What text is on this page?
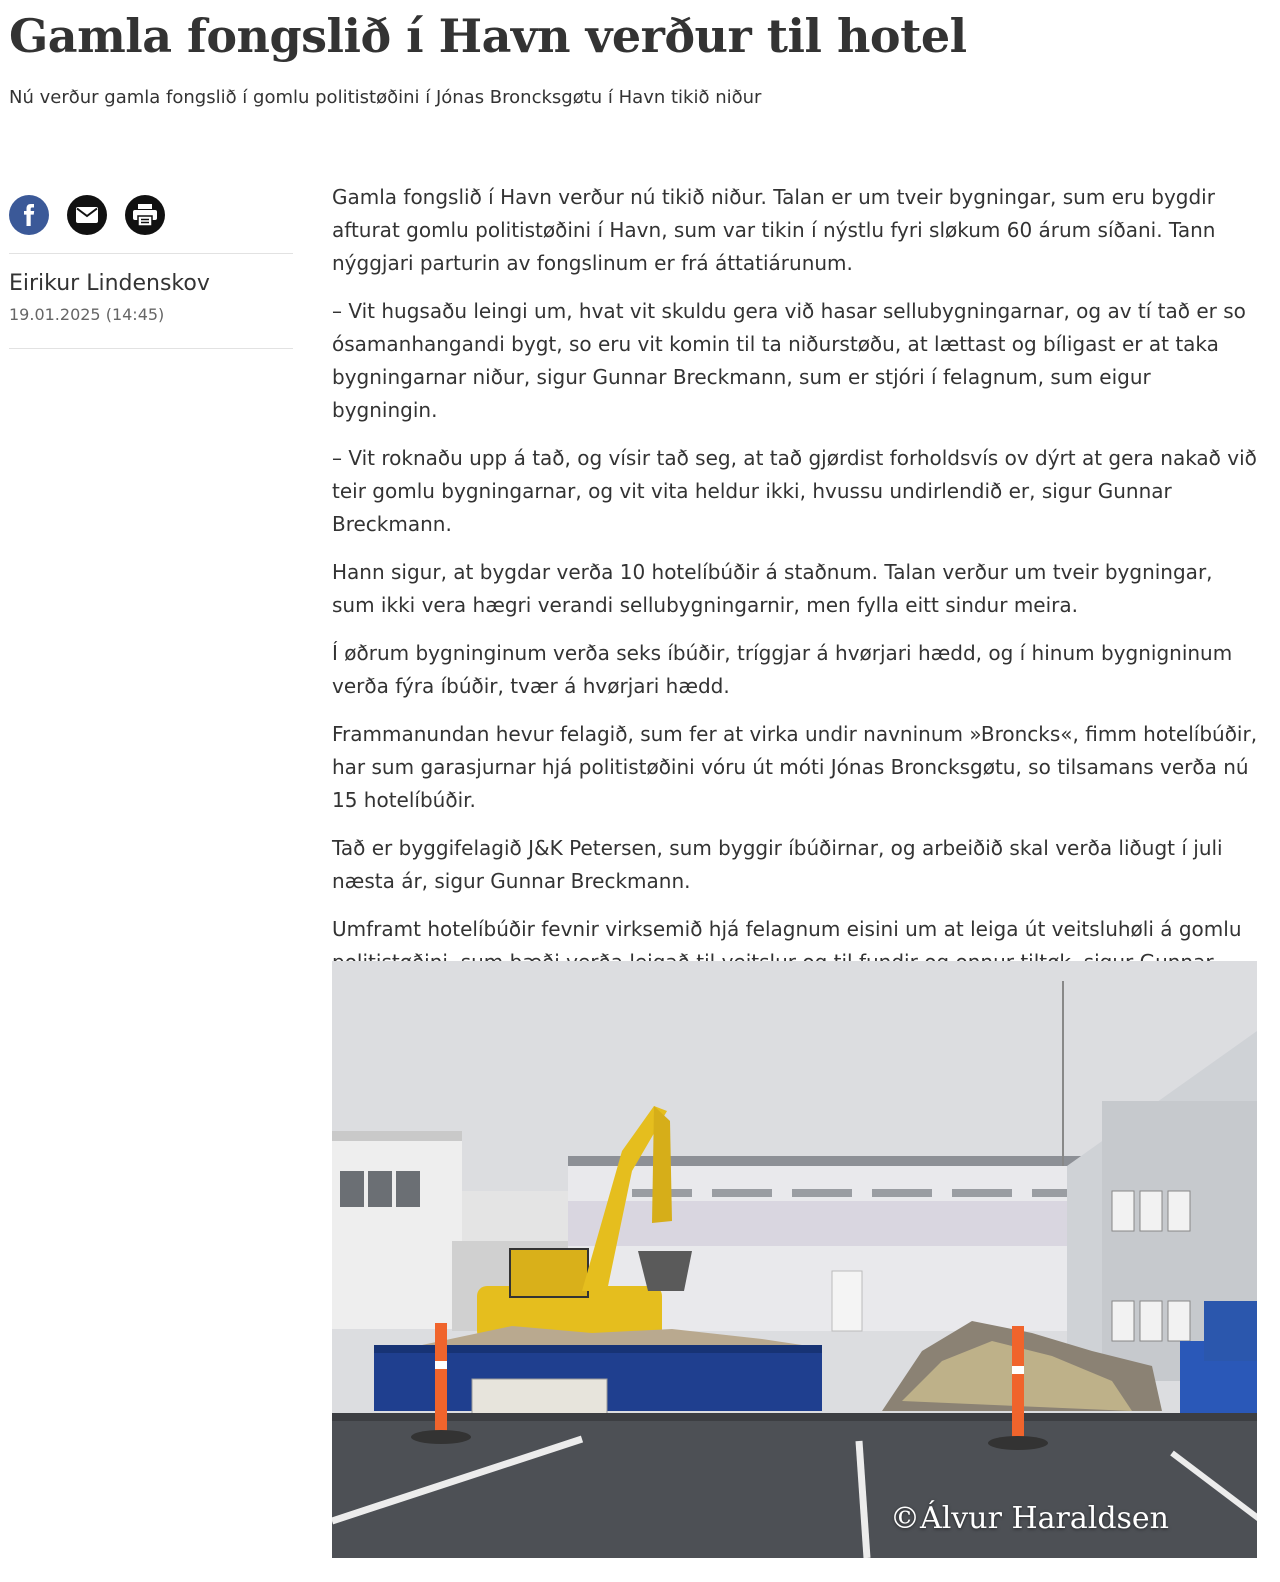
Gamla fongslið í Havn verður til hotel

Nú verður gamla fongslið í gomlu politistøðini í Jónas Broncksgøtu í Havn tikið niður

Eirikur Lindenskov
19.01.2025 (14:45)

Gamla fongslið í Havn verður nú tikið niður. Talan er um tveir bygningar, sum eru bygdir afturat gomlu politistøðini í Havn, sum var tikin í nýstlu fyri sløkum 60 árum síðani. Tann nýggjari parturin av fongslinum er frá áttatiárunum.

– Vit hugsaðu leingi um, hvat vit skuldu gera við hasar sellubygningarnar, og av tí tað er so ósamanhangandi bygt, so eru vit komin til ta niðurstøðu, at lættast og bíligast er at taka bygningarnar niður, sigur Gunnar Breckmann, sum er stjóri í felagnum, sum eigur bygningin.

– Vit roknaðu upp á tað, og vísir tað seg, at tað gjørdist forholdsvís ov dýrt at gera nakað við teir gomlu bygningarnar, og vit vita heldur ikki, hvussu undirlendið er, sigur Gunnar Breckmann.

Hann sigur, at bygdar verða 10 hotelíbúðir á staðnum. Talan verður um tveir bygningar, sum ikki vera hægri verandi sellubygningarnir, men fylla eitt sindur meira.

Í øðrum bygninginum verða seks íbúðir, tríggjar á hvørjari hædd, og í hinum bygnigninum verða fýra íbúðir, tvær á hvørjari hædd.

Frammanundan hevur felagið, sum fer at virka undir navninum »Broncks«, fimm hotelíbúðir, har sum garasjurnar hjá politistøðini vóru út móti Jónas Broncksgøtu, so tilsamans verða nú 15 hotelíbúðir.

Tað er byggifelagið J&K Petersen, sum byggir íbúðirnar, og arbeiðið skal verða liðugt í juli næsta ár, sigur Gunnar Breckmann.

Umframt hotelíbúðir fevnir virksemið hjá felagnum eisini um at leiga út veitsluhøli á gomlu

©Álvur Haraldsen
